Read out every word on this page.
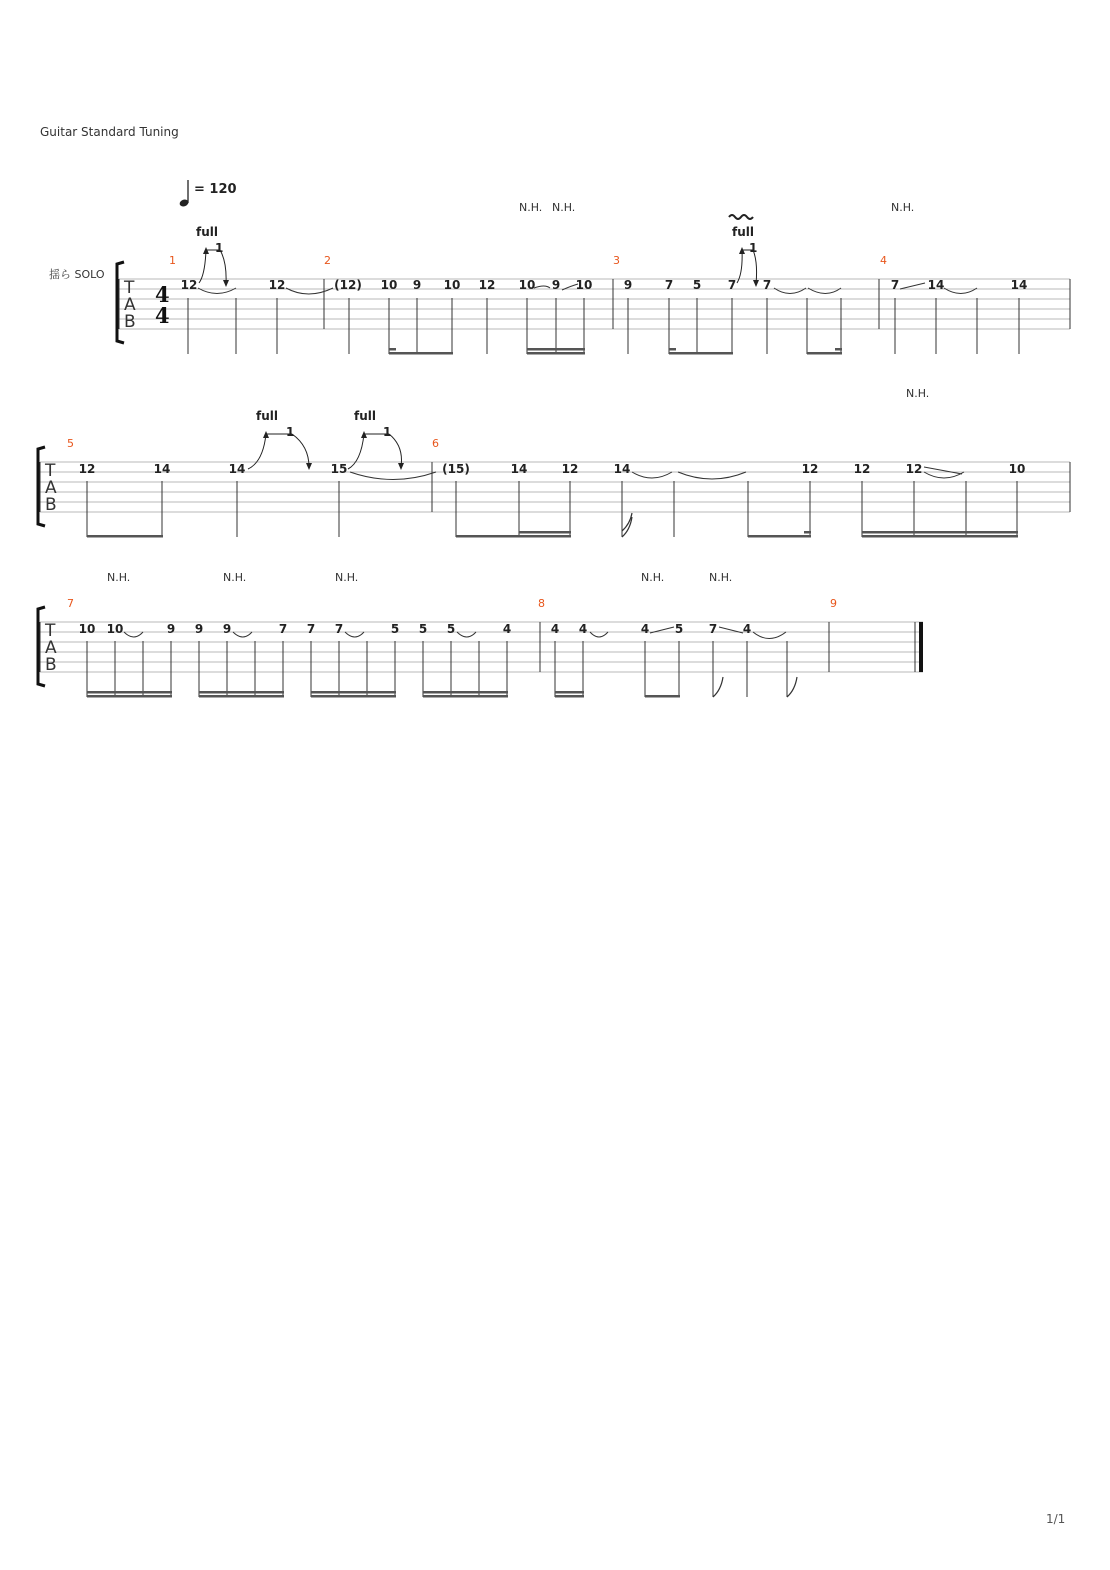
Guitar Standard Tuning
1/1
= 120
揺ら SOLO
T
A
B
4
4
1	2	3	4
N.H. N.H.	N.H.
full
1
full
1
12	12	(12) 10 9 10 12 10 9 10	9	7 5 7 7	7 14	14
T
A
B
5	6
N.H.
full
1
full
1
12	14	14	15	(15)	14	12	14	12	12	12	10
T
A
B
7	8	9
N.H.	N.H.	N.H.	N.H.	N.H.
10 10	9 9 9	7 7 7	5 5 5	4	4 4	4 5 7 4
